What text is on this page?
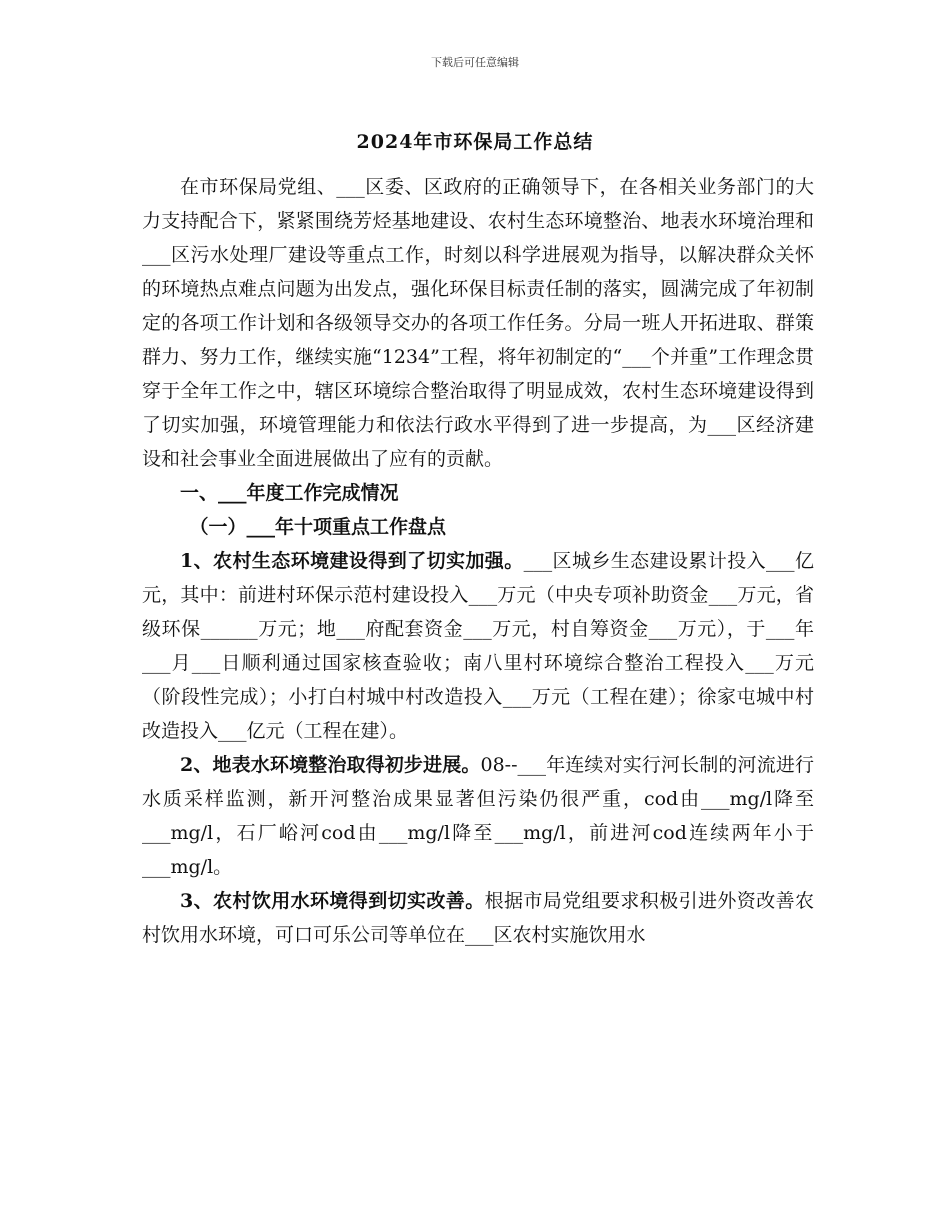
下载后可任意编辑
2024年市环保局工作总结

在市环保局党组、___区委、区政府的正确领导下，在各相关业务部门的大力支持配合下，紧紧围绕芳烃基地建设、农村生态环境整治、地表水环境治理和___区污水处理厂建设等重点工作，时刻以科学进展观为指导，以解决群众关怀的环境热点难点问题为出发点，强化环保目标责任制的落实，圆满完成了年初制定的各项工作计划和各级领导交办的各项工作任务。分局一班人开拓进取、群策群力、努力工作，继续实施“1234”工程，将年初制定的“___个并重”工作理念贯穿于全年工作之中，辖区环境综合整治取得了明显成效，农村生态环境建设得到了切实加强，环境管理能力和依法行政水平得到了进一步提高，为___区经济建设和社会事业全面进展做出了应有的贡献。

一、___年度工作完成情况

（一）___年十项重点工作盘点

1、农村生态环境建设得到了切实加强。___区城乡生态建设累计投入___亿元，其中：前进村环保示范村建设投入___万元（中央专项补助资金___万元，省级环保______万元；地___府配套资金___万元，村自筹资金___万元），于___年___月___日顺利通过国家核查验收；南八里村环境综合整治工程投入___万元（阶段性完成）；小打白村城中村改造投入___万元（工程在建）；徐家屯城中村改造投入___亿元（工程在建）。

2、地表水环境整治取得初步进展。08--___年连续对实行河长制的河流进行水质采样监测，新开河整治成果显著但污染仍很严重，cod由___mg/l降至___mg/l，石厂峪河cod由___mg/l降至___mg/l，前进河cod连续两年小于___mg/l。

3、农村饮用水环境得到切实改善。根据市局党组要求积极引进外资改善农村饮用水环境，可口可乐公司等单位在___区农村实施饮用水
